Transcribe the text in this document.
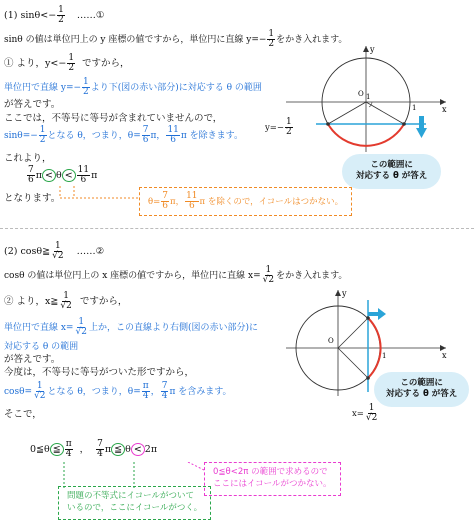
(1) $\sin\theta<- \frac{1}{2}$ ……①
sinθ の値は単位円上の y 座標の値ですから，単位円に直線 $y=- \frac{1}{2}$ をかき入れます。
① より，$y<- \frac{1}{2}$ ですから，
単位円で直線 $y=- \frac{1}{2}$ より下(図の赤い部分)に対応する θ の範囲
が答えです。
ここでは，不等号に等号が含まれていませんので，
$\sin\theta=- \frac{1}{2}$ となる θ，つまり，$\theta= \frac{7}{6}$ π， $\frac{11}{6}$ π を除きます。
これより，
$\frac{7}{6}$ $\pi < \theta < \frac{11}{6}$ π
となります。	$\theta= \frac{7}{6}$ π， $\frac{11}{6}$ π を除くので，イコールはつかない。
y
x
O
1
1
$y=- \frac{1}{2}$
この範囲に
対応する θ が答え
(2) cosθ≧ $\frac{1}{√2}$ ……②
cosθ の値は単位円上の x 座標の値ですから，単位円に直線 $x= \frac{1}{√2}$ をかき入れます。
② より，x≧ $\frac{1}{√2}$ ですから，
単位円で直線 $x= \frac{1}{√2}$ 上か，この直線より右側(図の赤い部分)に
対応する θ の範囲
が答えです。
今度は，不等号に等号がついた形ですから，
$\cos\theta= \frac{1}{√2}$ となる θ，つまり，$\theta= \frac{\pi}{4}$ ， $\frac{7}{4}$ π を含みます。
そこで，
0≦θ ≦ $\frac{\pi}{4}$ ， $\frac{7}{4}$ π ≦ θ < 2π
問題の不等式にイコールがついて
いるので，ここにイコールがつく。
0≦θ<2π の範囲で求めるので
ここにはイコールがつかない。
y
x
O
1
この範囲に
対応する θ が答え
$x= \frac{1}{√2}$
